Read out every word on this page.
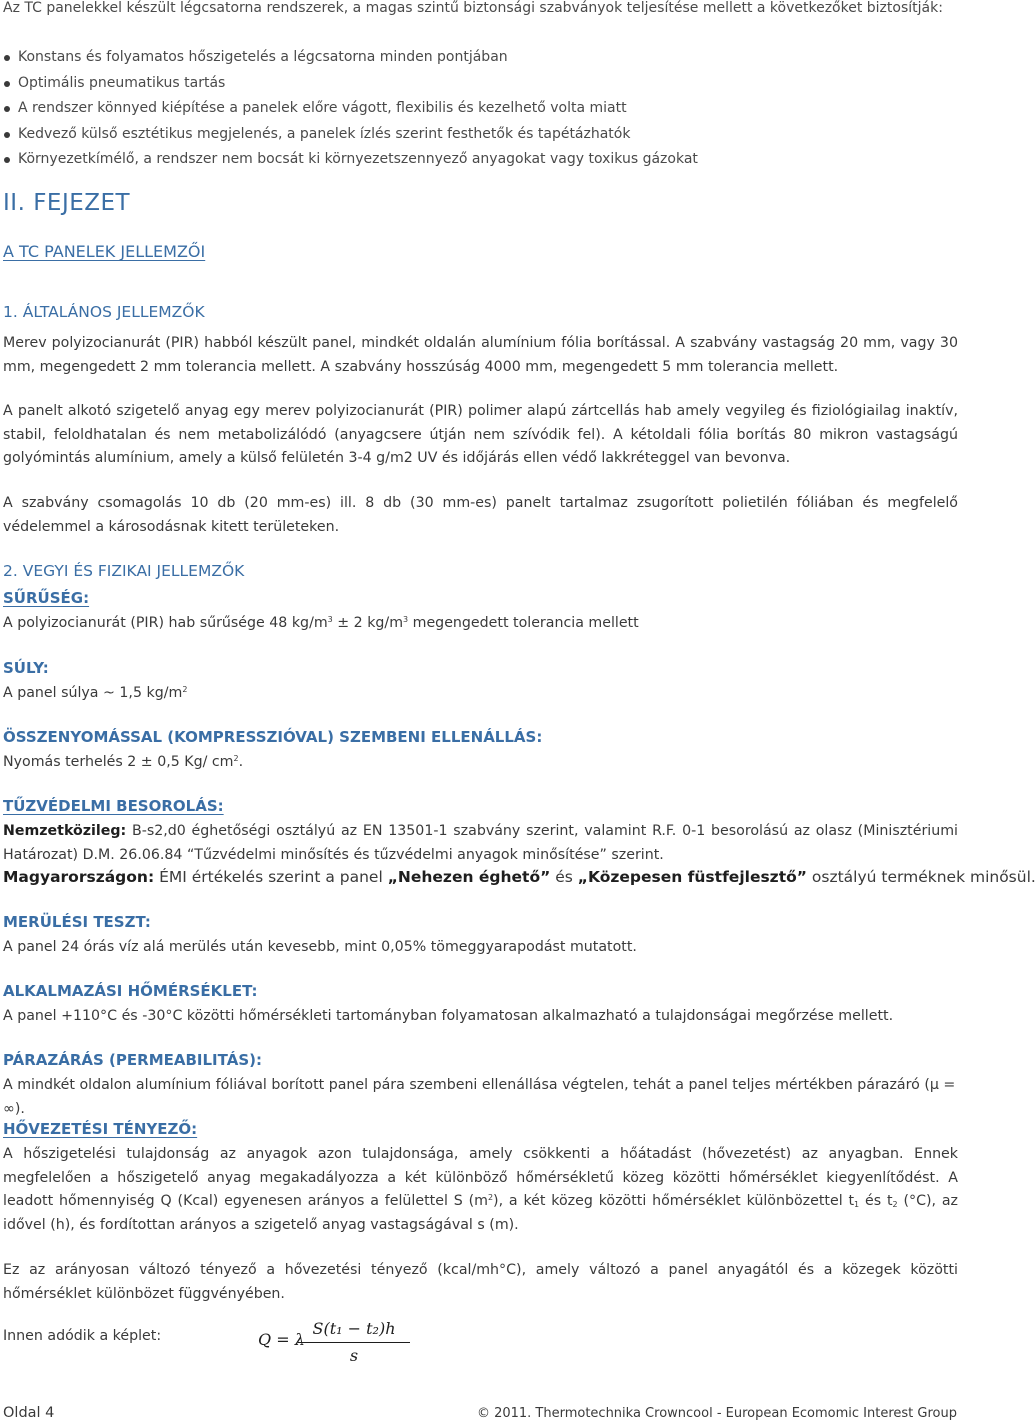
Az TC panelekkel készült légcsatorna rendszerek, a magas szintű biztonsági szabványok teljesítése mellett a következőket biztosítják:

Konstans és folyamatos hőszigetelés a légcsatorna minden pontjában
Optimális pneumatikus tartás
A rendszer könnyed kiépítése a panelek előre vágott, flexibilis és kezelhető volta miatt
Kedvező külső esztétikus megjelenés, a panelek ízlés szerint festhetők és tapétázhatók
Környezetkímélő, a rendszer nem bocsát ki környezetszennyező anyagokat vagy toxikus gázokat

II. FEJEZET

A TC PANELEK JELLEMZŐI

1. ÁLTALÁNOS JELLEMZŐK

Merev polyizocianurát (PIR) habból készült panel, mindkét oldalán alumínium fólia borítással. A szabvány vastagság 20 mm, vagy 30 mm, megengedett 2 mm tolerancia mellett. A szabvány hosszúság 4000 mm, megengedett 5 mm tolerancia mellett.

A panelt alkotó szigetelő anyag egy merev polyizocianurát (PIR) polimer alapú zártcellás hab amely vegyileg és fiziológiailag inaktív, stabil, feloldhatalan és nem metabolizálódó (anyagcsere útján nem szívódik fel). A kétoldali fólia borítás 80 mikron vastagságú golyómintás alumínium, amely a külső felületén 3-4 g/m2 UV és időjárás ellen védő lakkréteggel van bevonva.

A szabvány csomagolás 10 db (20 mm-es) ill. 8 db (30 mm-es) panelt tartalmaz zsugorított polietilén fóliában és megfelelő védelemmel a károsodásnak kitett területeken.

2. VEGYI ÉS FIZIKAI JELLEMZŐK

SŰRŰSÉG:

A polyizocianurát (PIR) hab sűrűsége 48 $kg/m^3 \pm 2$ $kg/m^3$ megengedett tolerancia mellett

SÚLY:

A panel súlya ~ 1,5 $kg/m^2$

ÖSSZENYOMÁSSAL (KOMPRESSZIÓVAL) SZEMBENI ELLENÁLLÁS:

Nyomás terhelés 2 ± 0,5 Kg/ $cm^2$.

TŰZVÉDELMI BESOROLÁS:

Nemzetközileg: B-s2,d0 éghetőségi osztályú az EN 13501-1 szabvány szerint, valamint R.F. 0-1 besorolású az olasz (Minisztériumi Határozat) D.M. 26.06.84 “Tűzvédelmi minősítés és tűzvédelmi anyagok minősítése” szerint.

Magyarországon: ÉMI értékelés szerint a panel „Nehezen éghető” és „Közepesen füstfejlesztő” osztályú terméknek minősül.

MERÜLÉSI TESZT:

A panel 24 órás víz alá merülés után kevesebb, mint 0,05% tömeggyarapodást mutatott.

ALKALMAZÁSI HŐMÉRSÉKLET:

A panel +110°C és -30°C közötti hőmérsékleti tartományban folyamatosan alkalmazható a tulajdonságai megőrzése mellett.

PÁRAZÁRÁS (PERMEABILITÁS):

A mindkét oldalon alumínium fóliával borított panel pára szembeni ellenállása végtelen, tehát a panel teljes mértékben párazáró (μ = ∞).

HŐVEZETÉSI TÉNYEZŐ:

A hőszigetelési tulajdonság az anyagok azon tulajdonsága, amely csökkenti a hőátadást (hővezetést) az anyagban. Ennek megfelelően a hőszigetelő anyag megakadályozza a két különböző hőmérsékletű közeg közötti hőmérséklet kiegyenlítődést. A leadott hőmennyiség Q (Kcal) egyenesen arányos a felülettel S $(m^2)$, a két közeg közötti hőmérséklet különbözettel $t_1$ és $t_2$ (°C), az idővel (h), és fordítottan arányos a szigetelő anyag vastagságával s (m).

Ez az arányosan változó tényező a hővezetési tényező (kcal/mh°C), amely változó a panel anyagától és a közegek közötti hőmérséklet különbözet függvényében.

Innen adódik a képlet:	Q = λ
S(t₁ − t₂)h
s

Oldal 4	© 2011. Thermotechnika Crowncool - European Ecomomic Interest Group
